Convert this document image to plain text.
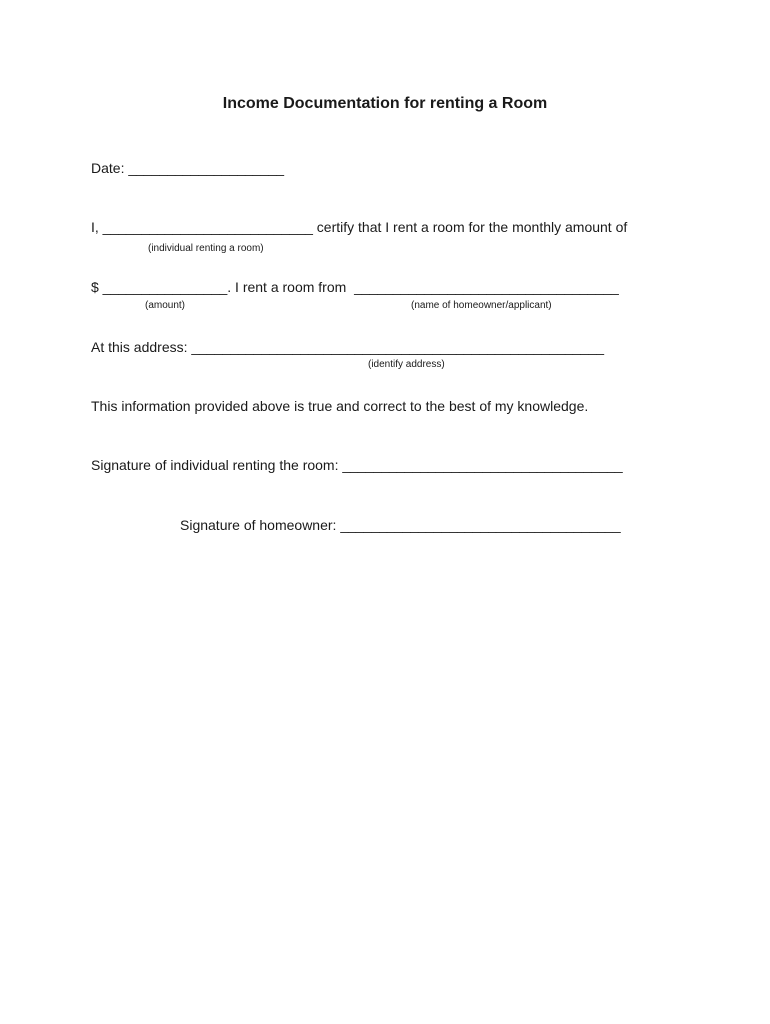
Income Documentation for renting a Room
Date: ____________________
I, ___________________________ certify that I rent a room for the monthly amount of
(individual renting a room)
$ ________________. I rent a room from  __________________________________
(amount)	(name of homeowner/applicant)
At this address: _____________________________________________________
(identify address)
This information provided above is true and correct to the best of my knowledge.
Signature of individual renting the room: ____________________________________
Signature of homeowner: ____________________________________
